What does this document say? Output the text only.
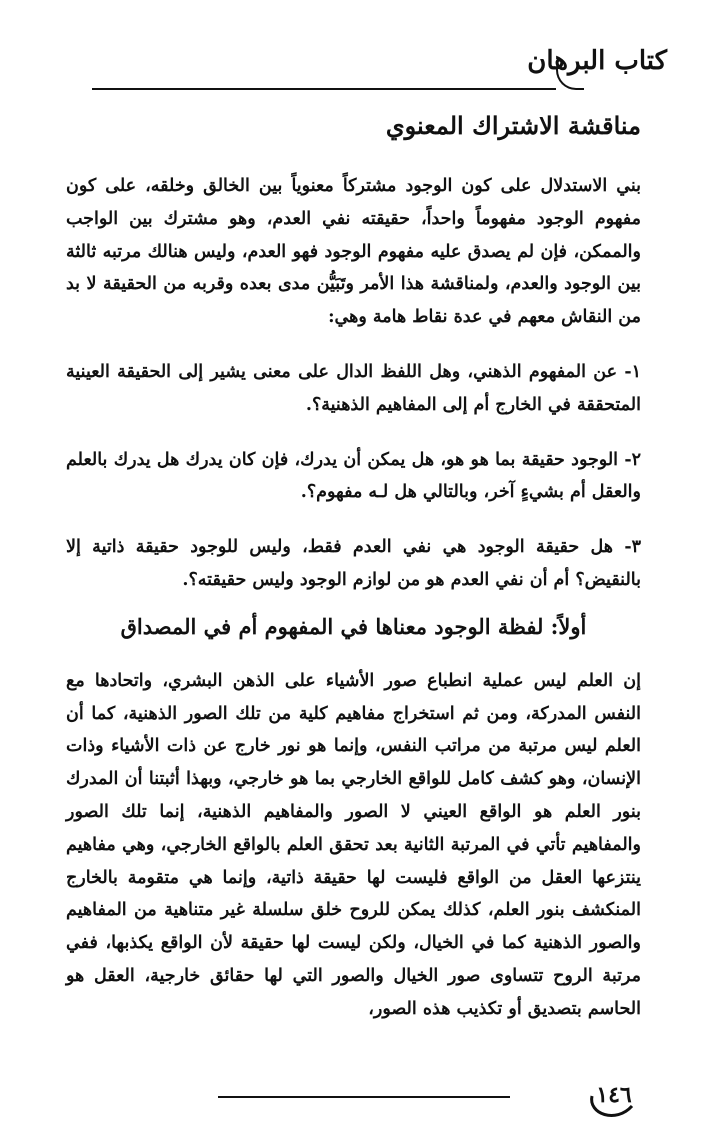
كتاب البرهان
مناقشة الاشتراك المعنوي

بني الاستدلال على كون الوجود مشتركاً معنوياً بين الخالق وخلقه، على كون مفهوم الوجود مفهوماً واحداً، حقيقته نفي العدم، وهو مشترك بين الواجب والممكن، فإن لم يصدق عليه مفهوم الوجود فهو العدم، وليس هنالك مرتبه ثالثة بين الوجود والعدم، ولمناقشة هذا الأمر وتَبَيُّن مدى بعده وقربه من الحقيقة لا بد من النقاش معهم في عدة نقاط هامة وهي:

١- عن المفهوم الذهني، وهل اللفظ الدال على معنى يشير إلى الحقيقة العينية المتحققة في الخارج أم إلى المفاهيم الذهنية؟.

٢- الوجود حقيقة بما هو هو، هل يمكن أن يدرك، فإن كان يدرك هل يدرك بالعلم والعقل أم بشيءٍ آخر، وبالتالي هل لـه مفهوم؟.

٣- هل حقيقة الوجود هي نفي العدم فقط، وليس للوجود حقيقة ذاتية إلا بالنقيض؟ أم أن نفي العدم هو من لوازم الوجود وليس حقيقته؟.

أولاً: لفظة الوجود معناها في المفهوم أم في المصداق

إن العلم ليس عملية انطباع صور الأشياء على الذهن البشري، واتحادها مع النفس المدركة، ومن ثم استخراج مفاهيم كلية من تلك الصور الذهنية، كما أن العلم ليس مرتبة من مراتب النفس، وإنما هو نور خارج عن ذات الأشياء وذات الإنسان، وهو كشف كامل للواقع الخارجي بما هو خارجي، وبهذا أثبتنا أن المدرك بنور العلم هو الواقع العيني لا الصور والمفاهيم الذهنية، إنما تلك الصور والمفاهيم تأتي في المرتبة الثانية بعد تحقق العلم بالواقع الخارجي، وهي مفاهيم ينتزعها العقل من الواقع فليست لها حقيقة ذاتية، وإنما هي متقومة بالخارج المنكشف بنور العلم، كذلك يمكن للروح خلق سلسلة غير متناهية من المفاهيم والصور الذهنية كما في الخيال، ولكن ليست لها حقيقة لأن الواقع يكذبها، ففي مرتبة الروح تتساوى صور الخيال والصور التي لها حقائق خارجية، العقل هو الحاسم بتصديق أو تكذيب هذه الصور،

١٤٦
